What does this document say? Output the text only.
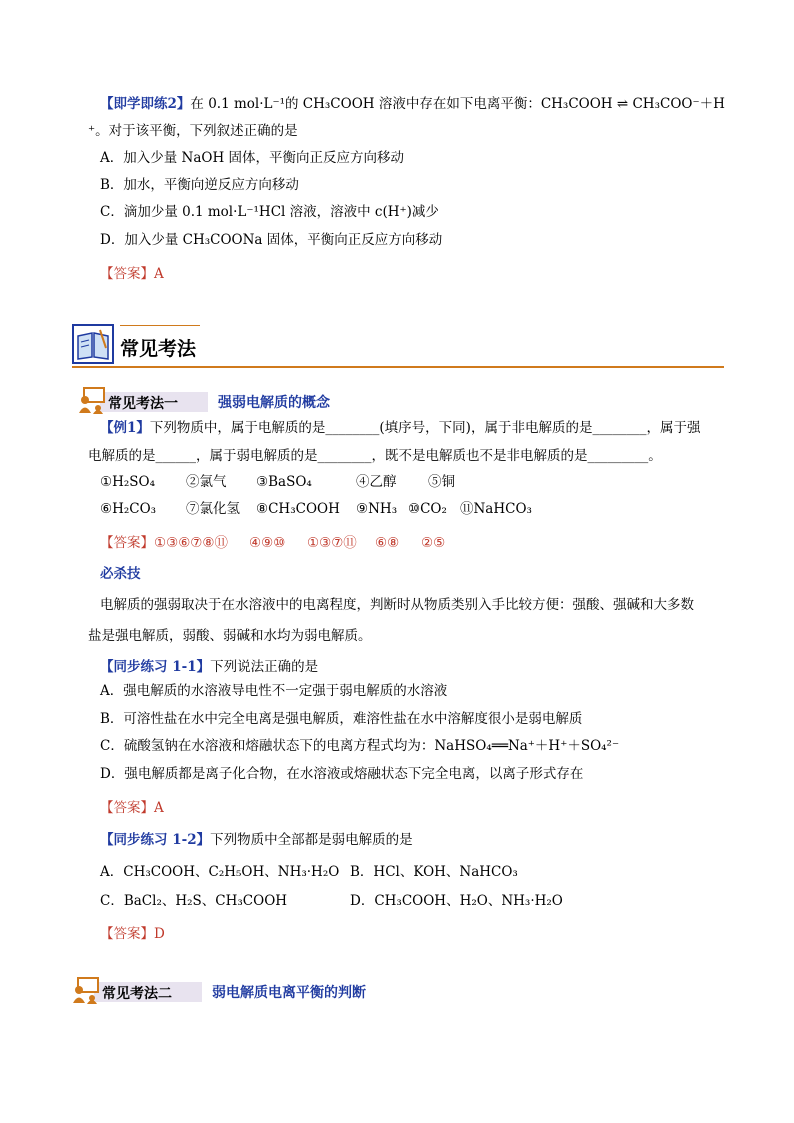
【即学即练2】在 0.1 mol·L⁻¹的 CH₃COOH 溶液中存在如下电离平衡：CH₃COOH ⇌ CH₃COO⁻＋H
⁺。对于该平衡，下列叙述正确的是
A．加入少量 NaOH 固体，平衡向正反应方向移动
B．加水，平衡向逆反应方向移动
C．滴加少量 0.1 mol·L⁻¹HCl 溶液，溶液中 c(H⁺)减少
D．加入少量 CH₃COONa 固体，平衡向正反应方向移动
【答案】A
常见考法
常见考法一	强弱电解质的概念
【例1】下列物质中，属于电解质的是________(填序号，下同)，属于非电解质的是________，属于强
电解质的是______，属于弱电解质的是________，既不是电解质也不是非电解质的是_________。
①H₂SO₄ ②氯气 ③BaSO₄	④乙醇 ⑤铜
⑥H₂CO₃ ⑦氯化氢 ⑧CH₃COOH ⑨NH₃ ⑩CO₂ ⑪NaHCO₃
【答案】①③⑥⑦⑧⑪ ④⑨⑩ ①③⑦⑪ ⑥⑧ ②⑤
必杀技
电解质的强弱取决于在水溶液中的电离程度，判断时从物质类别入手比较方便：强酸、强碱和大多数
盐是强电解质，弱酸、弱碱和水均为弱电解质。
【同步练习 1-1】下列说法正确的是
A．强电解质的水溶液导电性不一定强于弱电解质的水溶液
B．可溶性盐在水中完全电离是强电解质，难溶性盐在水中溶解度很小是弱电解质
C．硫酸氢钠在水溶液和熔融状态下的电离方程式均为：NaHSO₄══Na⁺＋H⁺＋SO₄²⁻
D．强电解质都是离子化合物，在水溶液或熔融状态下完全电离，以离子形式存在
【答案】A
【同步练习 1-2】下列物质中全部都是弱电解质的是
A．CH₃COOH、C₂H₅OH、NH₃·H₂O B．HCl、KOH、NaHCO₃
C．BaCl₂、H₂S、CH₃COOH	D．CH₃COOH、H₂O、NH₃·H₂O
【答案】D
常见考法二	弱电解质电离平衡的判断
